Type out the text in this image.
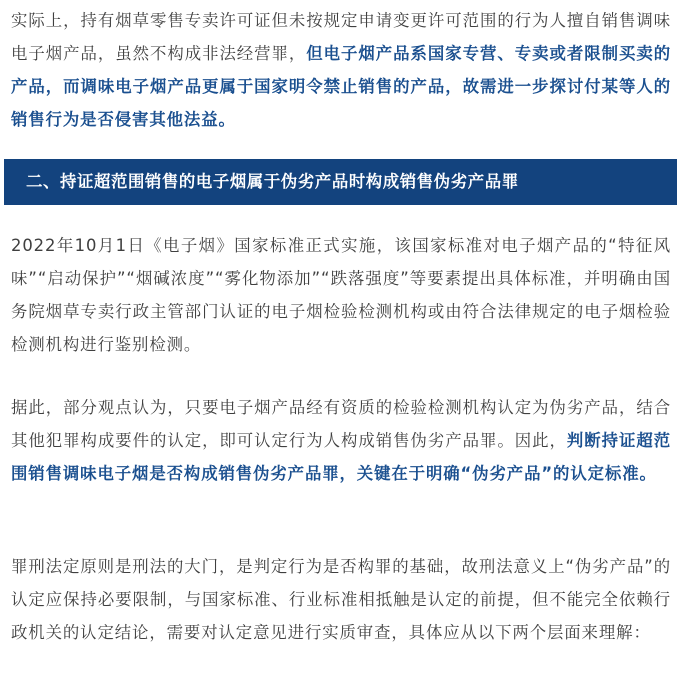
实际上，持有烟草零售专卖许可证但未按规定申请变更许可范围的行为人擅自销售调味电子烟产品，虽然不构成非法经营罪，但电子烟产品系国家专营、专卖或者限制买卖的产品，而调味电子烟产品更属于国家明令禁止销售的产品，故需进一步探讨付某等人的销售行为是否侵害其他法益。

二、持证超范围销售的电子烟属于伪劣产品时构成销售伪劣产品罪

2022年10月1日《电子烟》国家标准正式实施，该国家标准对电子烟产品的“特征风味”“启动保护”“烟碱浓度”“雾化物添加”“跌落强度”等要素提出具体标准，并明确由国务院烟草专卖行政主管部门认证的电子烟检验检测机构或由符合法律规定的电子烟检验检测机构进行鉴别检测。

据此，部分观点认为，只要电子烟产品经有资质的检验检测机构认定为伪劣产品，结合其他犯罪构成要件的认定，即可认定行为人构成销售伪劣产品罪。因此，判断持证超范围销售调味电子烟是否构成销售伪劣产品罪，关键在于明确“伪劣产品”的认定标准。

罪刑法定原则是刑法的大门，是判定行为是否构罪的基础，故刑法意义上“伪劣产品”的认定应保持必要限制，与国家标准、行业标准相抵触是认定的前提，但不能完全依赖行政机关的认定结论，需要对认定意见进行实质审查，具体应从以下两个层面来理解：
